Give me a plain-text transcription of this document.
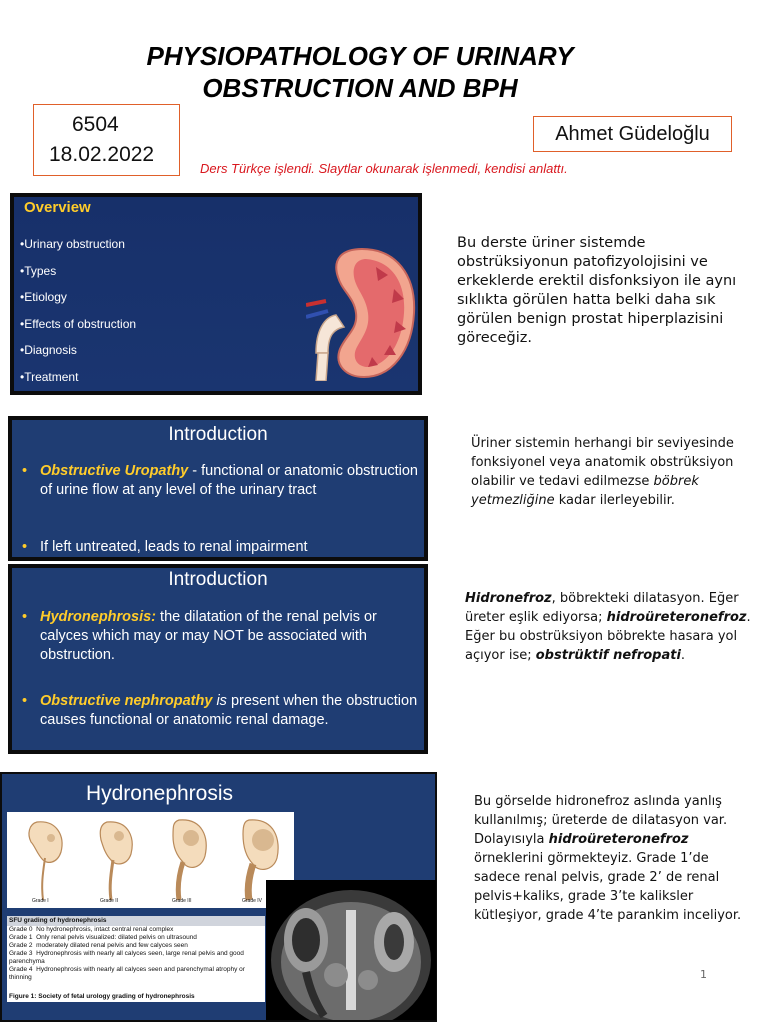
PHYSIOPATHOLOGY OF URINARY
OBSTRUCTION AND BPH
6504
18.02.2022
Ahmet Güdeloğlu
Ders Türkçe işlendi. Slaytlar okunarak işlenmedi, kendisi anlattı.
Overview
•Urinary obstruction
•Types
•Etiology
•Effects of obstruction
•Diagnosis
•Treatment
Introduction
• Obstructive Uropathy - functional or anatomic obstruction of urine flow at any level of the urinary tract
• If left untreated, leads to renal impairment
Introduction
• Hydronephrosis: the dilatation of the renal pelvis or calyces which may or may NOT be associated with obstruction.
• Obstructive nephropathy is present when the obstruction causes functional or anatomic renal damage.
Hydronephrosis
Grade I	Grade II	Grade III	Grade IV
SFU grading of hydronephrosis
Grade 0 No hydronephrosis, intact central renal complex
Grade 1 Only renal pelvis visualized: dilated pelvis on ultrasound
Grade 2 moderately dilated renal pelvis and few calyces seen
Grade 3 Hydronephrosis with nearly all calyces seen, large renal pelvis and good parenchyma
Grade 4 Hydronephrosis with nearly all calyces seen and parenchymal atrophy or thinning
Figure 1: Society of fetal urology grading of hydronephrosis
Bu derste üriner sistemde obstrüksiyonun patofizyolojisini ve erkeklerde erektil disfonksiyon ile aynı sıklıkta görülen hatta belki daha sık görülen benign prostat hiperplazisini göreceğiz.
Üriner sistemin herhangi bir seviyesinde fonksiyonel veya anatomik obstrüksiyon olabilir ve tedavi edilmezse böbrek yetmezliğine kadar ilerleyebilir.
Hidronefroz, böbrekteki dilatasyon. Eğer üreter eşlik ediyorsa; hidroüreteronefroz. Eğer bu obstrüksiyon böbrekte hasara yol açıyor ise; obstrüktif nefropati.
Bu görselde hidronefroz aslında yanlış kullanılmış; üreterde de dilatasyon var. Dolayısıyla hidroüreteronefroz örneklerini görmekteyiz. Grade 1’de sadece renal pelvis, grade 2’ de renal pelvis+kaliks, grade 3’te kaliksler kütleşiyor, grade 4’te parankim inceliyor.
1
